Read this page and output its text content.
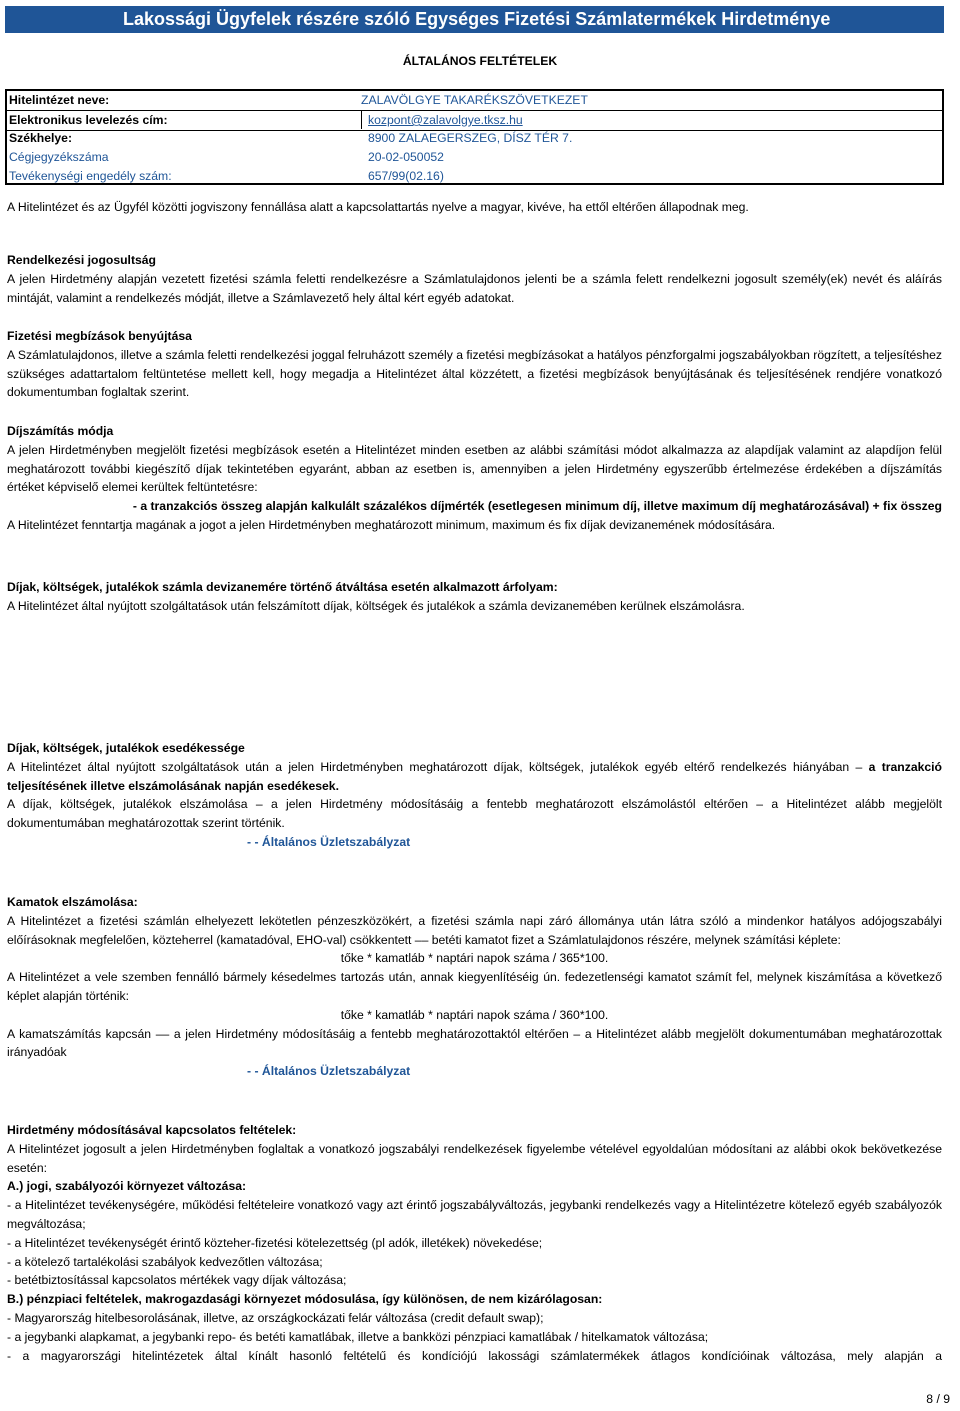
Lakossági Ügyfelek részére szóló Egységes Fizetési Számlatermékek Hirdetménye
ÁLTALÁNOS FELTÉTELEK
Hitelintézet neve:	ZALAVÖLGYE TAKARÉKSZÖVETKEZET
Elektronikus levelezés cím:	kozpont@zalavolgye.tksz.hu
Székhelye:	8900 ZALAEGERSZEG, DÍSZ TÉR 7.
Cégjegyzékszáma	20-02-050052
Tevékenységi engedély szám:	657/99(02.16)
A Hitelintézet és az Ügyfél közötti jogviszony fennállása alatt a kapcsolattartás nyelve a magyar, kivéve, ha ettől eltérően állapodnak meg.

Rendelkezési jogosultság

A jelen Hirdetmény alapján vezetett fizetési számla feletti rendelkezésre a Számlatulajdonos jelenti be a számla felett rendelkezni jogosult személy(ek) nevét és aláírás mintáját, valamint a rendelkezés módját, illetve a Számlavezető hely által kért egyéb adatokat.

Fizetési megbízások benyújtása

A Számlatulajdonos, illetve a számla feletti rendelkezési joggal felruházott személy a fizetési megbízásokat a hatályos pénzforgalmi jogszabályokban rögzített, a teljesítéshez szükséges adattartalom feltüntetése mellett kell, hogy megadja a Hitelintézet által közzétett, a fizetési megbízások benyújtásának és teljesítésének rendjére vonatkozó dokumentumban foglaltak szerint.

Díjszámítás módja

A jelen Hirdetményben megjelölt fizetési megbízások esetén a Hitelintézet minden esetben az alábbi számítási módot alkalmazza az alapdíjak valamint az alapdíjon felül meghatározott további kiegészítő díjak tekintetében egyaránt, abban az esetben is, amennyiben a jelen Hirdetmény egyszerűbb értelmezése érdekében a díjszámítás értéket képviselő elemei kerültek feltüntetésre:

- a tranzakciós összeg alapján kalkulált százalékos díjmérték (esetlegesen minimum díj, illetve maximum díj meghatározásával) + fix összeg

A Hitelintézet fenntartja magának a jogot a jelen Hirdetményben meghatározott minimum, maximum és fix díjak devizanemének módosítására.

Díjak, költségek, jutalékok számla devizanemére történő átváltása esetén alkalmazott árfolyam:

A Hitelintézet által nyújtott szolgáltatások után felszámított díjak, költségek és jutalékok a számla devizanemében kerülnek elszámolásra.

Díjak, költségek, jutalékok esedékessége

A Hitelintézet által nyújtott szolgáltatások után a jelen Hirdetményben meghatározott díjak, költségek, jutalékok egyéb eltérő rendelkezés hiányában – a tranzakció teljesítésének illetve elszámolásának napján esedékesek.

A díjak, költségek, jutalékok elszámolása – a jelen Hirdetmény módosításáig a fentebb meghatározott elszámolástól eltérően – a Hitelintézet alább megjelölt dokumentumában meghatározottak szerint történik.

- - Általános Üzletszabályzat

Kamatok elszámolása:

A Hitelintézet a fizetési számlán elhelyezett lekötetlen pénzeszközökért, a fizetési számla napi záró állománya után látra szóló a mindenkor hatályos adójogszabályi előírásoknak megfelelően, közteherrel (kamatadóval, EHO-val) csökkentett –– betéti kamatot fizet a Számlatulajdonos részére, melynek számítási képlete:

tőke * kamatláb * naptári napok száma / 365*100.

A Hitelintézet a vele szemben fennálló bármely késedelmes tartozás után, annak kiegyenlítéséig ún. fedezetlenségi kamatot számít fel, melynek kiszámítása a következő képlet alapján történik:

tőke * kamatláb * naptári napok száma / 360*100.

A kamatszámítás kapcsán –– a jelen Hirdetmény módosításáig a fentebb meghatározottaktól eltérően – a Hitelintézet alább megjelölt dokumentumában meghatározottak irányadóak

- - Általános Üzletszabályzat

Hirdetmény módosításával kapcsolatos feltételek:

A Hitelintézet jogosult a jelen Hirdetményben foglaltak a vonatkozó jogszabályi rendelkezések figyelembe vételével egyoldalúan módosítani az alábbi okok bekövetkezése esetén:

A.) jogi, szabályozói környezet változása:

- a Hitelintézet tevékenységére, működési feltételeire vonatkozó vagy azt érintő jogszabályváltozás, jegybanki rendelkezés vagy a Hitelintézetre kötelező egyéb szabályozók megváltozása;

- a Hitelintézet tevékenységét érintő közteher-fizetési kötelezettség (pl adók, illetékek) növekedése;

- a kötelező tartalékolási szabályok kedvezőtlen változása;

- betétbiztosítással kapcsolatos mértékek vagy díjak változása;

B.) pénzpiaci feltételek, makrogazdasági környezet módosulása, így különösen, de nem kizárólagosan:

- Magyarország hitelbesorolásának, illetve, az országkockázati felár változása (credit default swap);

- a jegybanki alapkamat, a jegybanki repo- és betéti kamatlábak, illetve a bankközi pénzpiaci kamatlábak / hitelkamatok változása;

- a magyarországi hitelintézetek által kínált hasonló feltételű és kondíciójú lakossági számlatermékek átlagos kondícióinak változása, mely alapján a

8 / 9
